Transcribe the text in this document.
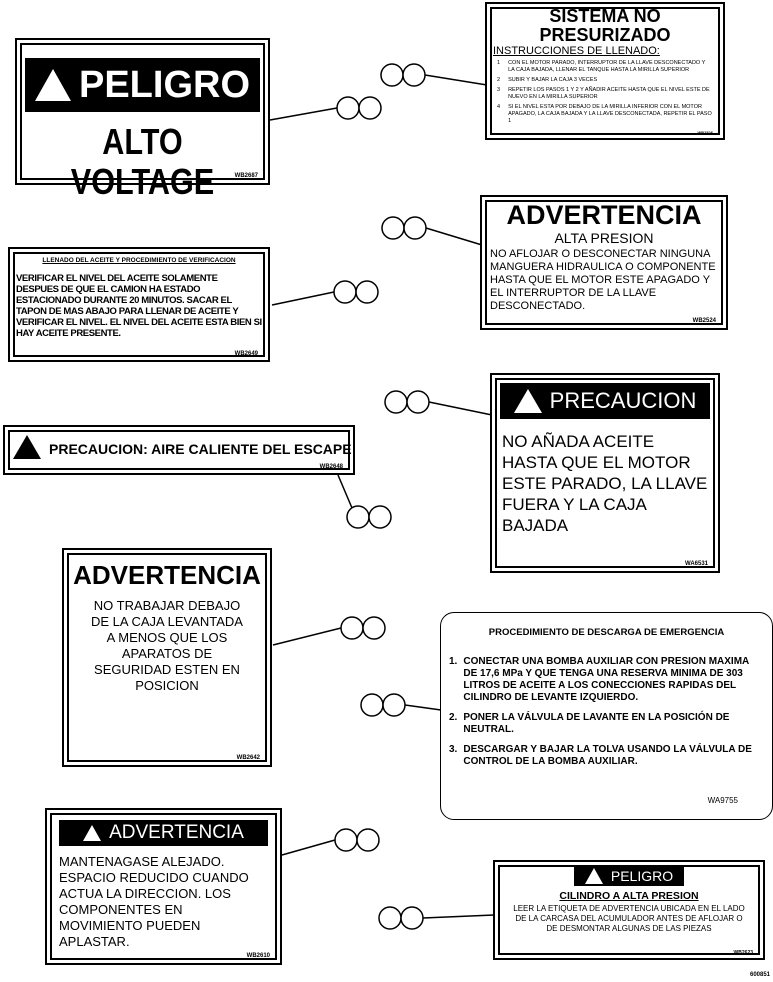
PELIGRO
ALTO VOLTAGE	WB2687
SISTEMA NO
PRESURIZADO
INSTRUCCIONES DE LLENADO:
1 CON EL MOTOR PARADO, INTERRUPTOR DE LA LLAVE DESCONECTADO Y LA CAJA BAJADA, LLENAR EL TANQUE HASTA LA MIRILLA SUPERIOR
2 SUBIR Y BAJAR LA CAJA 3 VECES
3 REPETIR LOS PASOS 1 Y 2 Y AÑADIR ACEITE HASTA QUE EL NIVEL ESTE DE NUEVO EN LA MIRILLA SUPERIOR
4 SI EL NIVEL ESTA POR DEBAJO DE LA MIRILLA INFERIOR CON EL MOTOR APAGADO, LA CAJA BAJADA Y LA LLAVE DESCONECTADA, REPETIR EL PASO 1
WB2526
ADVERTENCIA
ALTA PRESION
NO AFLOJAR O DESCONECTAR NINGUNA MANGUERA HIDRAULICA O COMPONENTE HASTA QUE EL MOTOR ESTE APAGADO Y EL INTERRUPTOR DE LA LLAVE DESCONECTADO.
WB2524
LLENADO DEL ACEITE Y PROCEDIMIENTO DE VERIFICACION
VERIFICAR EL NIVEL DEL ACEITE SOLAMENTE DESPUES DE QUE EL CAMION HA ESTADO ESTACIONADO DURANTE 20 MINUTOS. SACAR EL TAPON DE MAS ABAJO PARA LLENAR DE ACEITE Y VERIFICAR EL NIVEL. EL NIVEL DEL ACEITE ESTA BIEN SI HAY ACEITE PRESENTE.
WB2649
PRECAUCION
NO AÑADA ACEITE HASTA QUE EL MOTOR ESTE PARADO, LA LLAVE FUERA Y LA CAJA BAJADA
WA6531
PRECAUCION: AIRE CALIENTE DEL ESCAPE
WB2648
ADVERTENCIA
NO TRABAJAR DEBAJO DE LA CAJA LEVANTADA A MENOS QUE LOS APARATOS DE SEGURIDAD ESTEN EN POSICION
WB2642
PROCEDIMIENTO DE DESCARGA DE EMERGENCIA
1. CONECTAR UNA BOMBA AUXILIAR CON PRESION MAXIMA DE 17,6 MPa Y QUE TENGA UNA RESERVA MINIMA DE 303 LITROS DE ACEITE A LOS CONECCIONES RAPIDAS DEL CILINDRO DE LEVANTE IZQUIERDO.
2. PONER LA VÁLVULA DE LAVANTE EN LA POSICIÓN DE NEUTRAL.
3. DESCARGAR Y BAJAR LA TOLVA USANDO LA VÁLVULA DE CONTROL DE LA BOMBA AUXILIAR.
WA9755
ADVERTENCIA
MANTENAGASE ALEJADO. ESPACIO REDUCIDO CUANDO ACTUA LA DIRECCION. LOS COMPONENTES EN MOVIMIENTO PUEDEN APLASTAR.
WB2610
PELIGRO
CILINDRO A ALTA PRESION
LEER LA ETIQUETA DE ADVERTENCIA UBICADA EN EL LADO DE LA CARCASA DEL ACUMULADOR ANTES DE AFLOJAR O DE DESMONTAR ALGUNAS DE LAS PIEZAS
WB2623
600851
